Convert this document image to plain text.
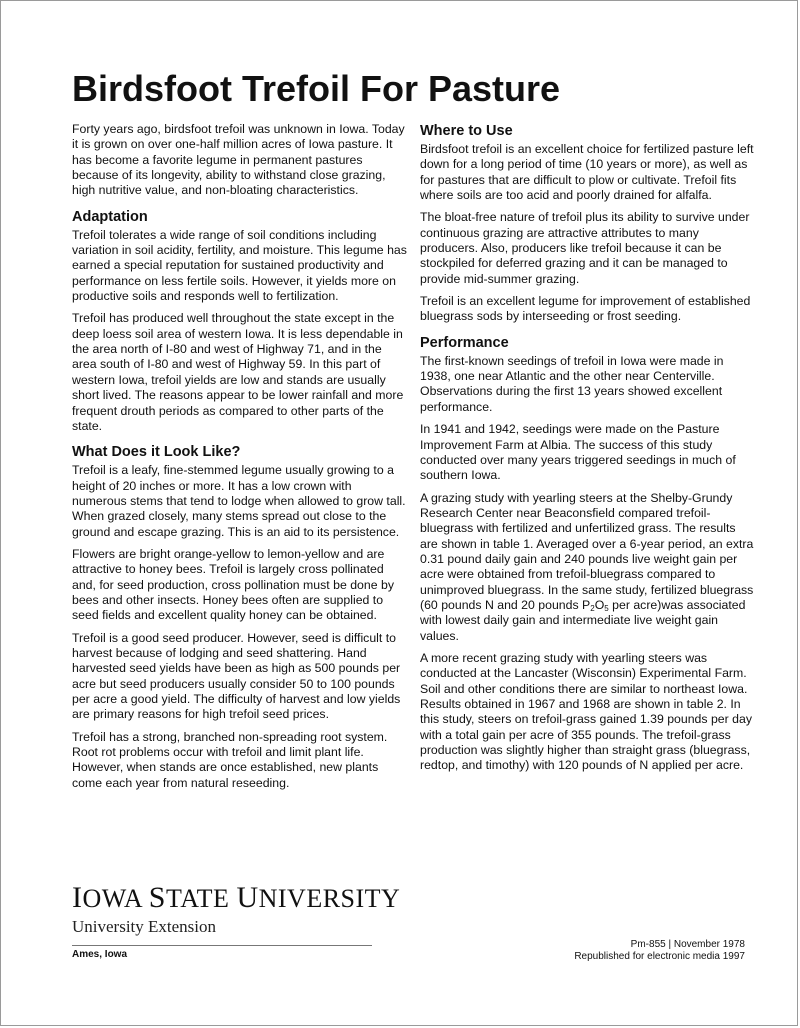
Birdsfoot Trefoil For Pasture

Forty years ago, birdsfoot trefoil was unknown in Iowa. Today it is grown on over one-half million acres of Iowa pasture. It has become a favorite legume in permanent pastures because of its longevity, ability to withstand close grazing, high nutritive value, and non-bloating characteristics.

Adaptation

Trefoil tolerates a wide range of soil conditions including variation in soil acidity, fertility, and moisture. This legume has earned a special reputation for sustained productivity and performance on less fertile soils. However, it yields more on productive soils and responds well to fertilization.

Trefoil has produced well throughout the state except in the deep loess soil area of western Iowa. It is less dependable in the area north of I-80 and west of Highway 71, and in the area south of I-80 and west of Highway 59. In this part of western Iowa, trefoil yields are low and stands are usually short lived. The reasons appear to be lower rainfall and more frequent drouth periods as compared to other parts of the state.

What Does it Look Like?

Trefoil is a leafy, fine-stemmed legume usually growing to a height of 20 inches or more. It has a low crown with numerous stems that tend to lodge when allowed to grow tall. When grazed closely, many stems spread out close to the ground and escape grazing. This is an aid to its persistence.

Flowers are bright orange-yellow to lemon-yellow and are attractive to honey bees. Trefoil is largely cross pollinated and, for seed production, cross pollination must be done by bees and other insects. Honey bees often are supplied to seed fields and excellent quality honey can be obtained.

Trefoil is a good seed producer. However, seed is difficult to harvest because of lodging and seed shattering. Hand harvested seed yields have been as high as 500 pounds per acre but seed producers usually consider 50 to 100 pounds per acre a good yield. The difficulty of harvest and low yields are primary reasons for high trefoil seed prices.

Trefoil has a strong, branched non-spreading root system. Root rot problems occur with trefoil and limit plant life. However, when stands are once established, new plants come each year from natural reseeding.

Where to Use

Birdsfoot trefoil is an excellent choice for fertilized pasture left down for a long period of time (10 years or more), as well as for pastures that are difficult to plow or cultivate. Trefoil fits where soils are too acid and poorly drained for alfalfa.

The bloat-free nature of trefoil plus its ability to survive under continuous grazing are attractive attributes to many producers. Also, producers like trefoil because it can be stockpiled for deferred grazing and it can be managed to provide mid-summer grazing.

Trefoil is an excellent legume for improvement of established bluegrass sods by interseeding or frost seeding.

Performance

The first-known seedings of trefoil in Iowa were made in 1938, one near Atlantic and the other near Centerville. Observations during the first 13 years showed excellent performance.

In 1941 and 1942, seedings were made on the Pasture Improvement Farm at Albia. The success of this study conducted over many years triggered seedings in much of southern Iowa.

A grazing study with yearling steers at the Shelby-Grundy Research Center near Beaconsfield compared trefoil-bluegrass with fertilized and unfertilized grass. The results are shown in table 1. Averaged over a 6-year period, an extra 0.31 pound daily gain and 240 pounds live weight gain per acre were obtained from trefoil-bluegrass compared to unimproved bluegrass. In the same study, fertilized bluegrass (60 pounds N and 20 pounds $P_2O_5$ per acre)was associated with lowest daily gain and intermediate live weight gain values.

A more recent grazing study with yearling steers was conducted at the Lancaster (Wisconsin) Experimental Farm. Soil and other conditions there are similar to northeast Iowa. Results obtained in 1967 and 1968 are shown in table 2. In this study, steers on trefoil-grass gained 1.39 pounds per day with a total gain per acre of 355 pounds. The trefoil-grass production was slightly higher than straight grass (bluegrass, redtop, and timothy) with 120 pounds of N applied per acre.

IOWA STATE UNIVERSITY
University Extension
Ames, Iowa
Pm-855 | November 1978
Republished for electronic media 1997
